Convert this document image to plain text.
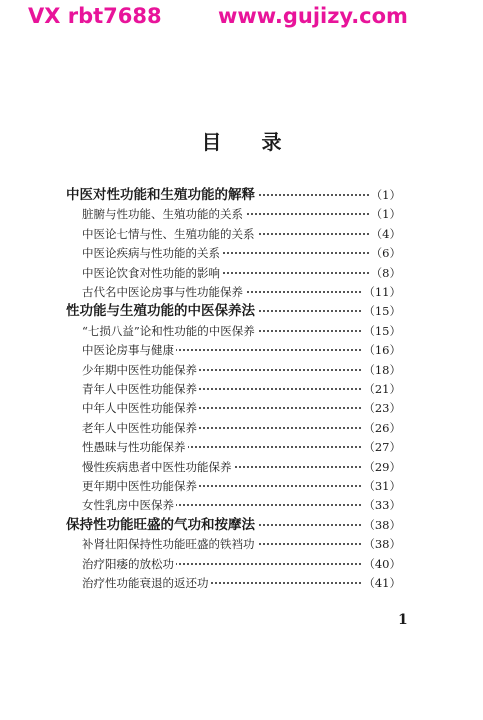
VX rbt7688	www.gujizy.com
目录
中医对性功能和生殖功能的解释	（1）
脏腑与性功能、生殖功能的关系	（1）
中医论七情与性、生殖功能的关系	（4）
中医论疾病与性功能的关系	（6）
中医论饮食对性功能的影响	（8）
古代名中医论房事与性功能保养	（11）
性功能与生殖功能的中医保养法	（15）
“七损八益”论和性功能的中医保养	（15）
中医论房事与健康	（16）
少年期中医性功能保养	（18）
青年人中医性功能保养	（21）
中年人中医性功能保养	（23）
老年人中医性功能保养	（26）
性愚昧与性功能保养	（27）
慢性疾病患者中医性功能保养	（29）
更年期中医性功能保养	（31）
女性乳房中医保养	（33）
保持性功能旺盛的气功和按摩法	（38）
补肾壮阳保持性功能旺盛的铁裆功	（38）
治疗阳痿的放松功	（40）
治疗性功能衰退的返还功	（41）
1
